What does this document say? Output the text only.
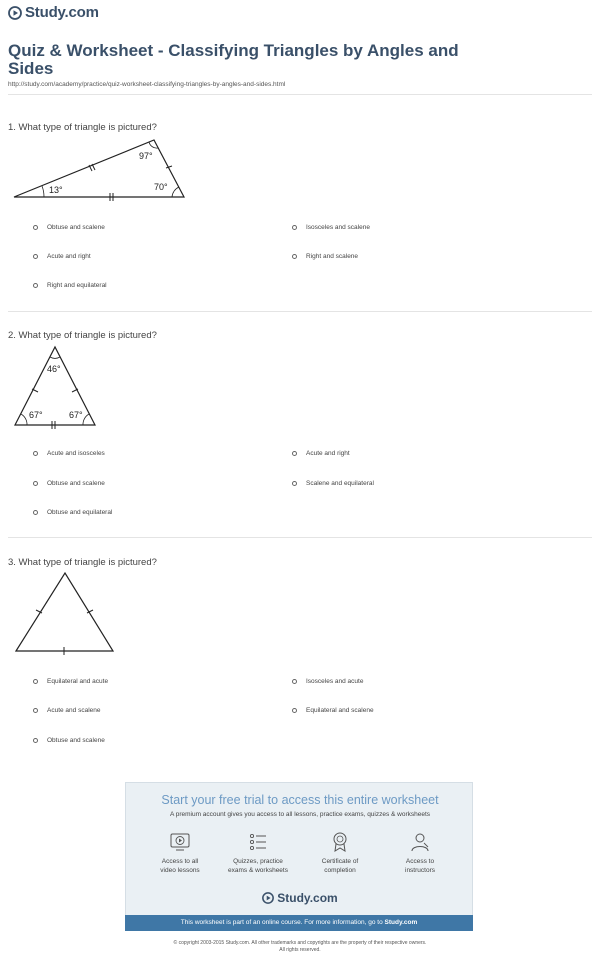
Study.com
Quiz & Worksheet - Classifying Triangles by Angles and Sides
http://study.com/academy/practice/quiz-worksheet-classifying-triangles-by-angles-and-sides.html
1. What type of triangle is pictured?
97°
13°	70°
Obtuse and scalene	Isosceles and scalene
Acute and right	Right and scalene
Right and equilateral
2. What type of triangle is pictured?
46°
67°	67°
Acute and isosceles	Acute and right
Obtuse and scalene	Scalene and equilateral
Obtuse and equilateral
3. What type of triangle is pictured?
Equilateral and acute	Isosceles and acute
Acute and scalene	Equilateral and scalene
Obtuse and scalene
Start your free trial to access this entire worksheet
A premium account gives you access to all lessons, practice exams, quizzes & worksheets
Access to all
video lessons
Quizzes, practice
exams & worksheets
Certificate of
completion
Access to
instructors
Study.com
This worksheet is part of an online course. For more information, go to Study.com
© copyright 2003-2015 Study.com. All other trademarks and copyrights are the property of their respective owners.
All rights reserved.
